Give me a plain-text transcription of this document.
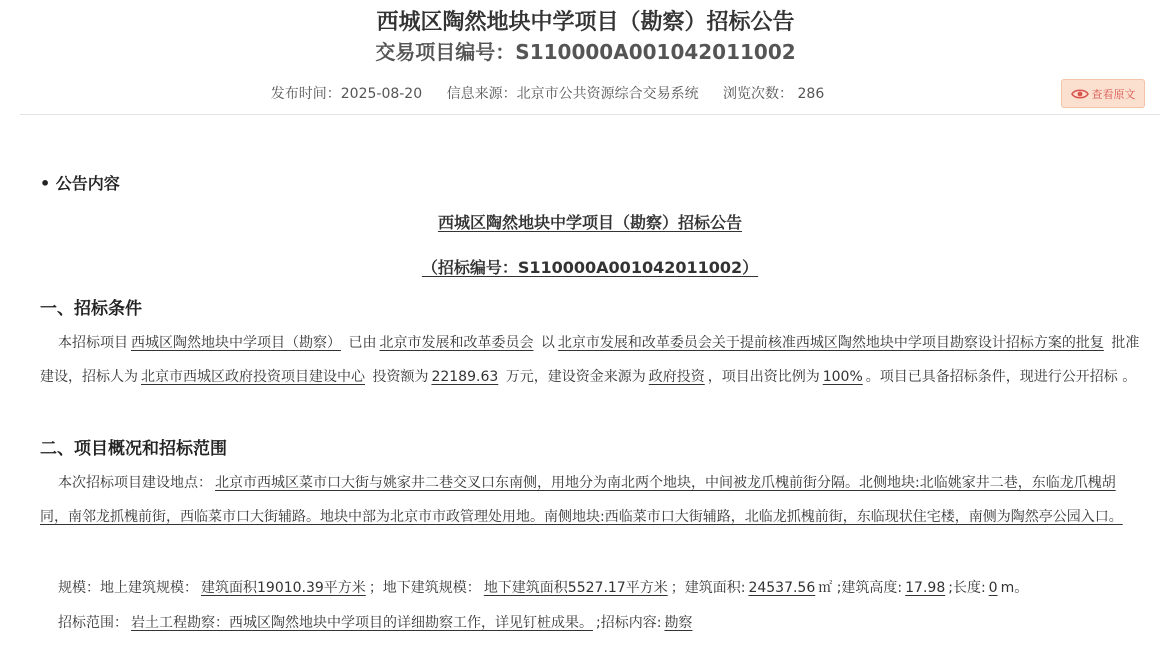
西城区陶然地块中学项目（勘察）招标公告
交易项目编号：S110000A001042011002
发布时间：2025-08-20 信息来源：北京市公共资源综合交易系统 浏览次数： 286	查看原文
• 公告内容
西城区陶然地块中学项目（勘察）招标公告
（招标编号：S110000A001042011002）
一、招标条件
本招标项目 西城区陶然地块中学项目（勘察） 已由 北京市发展和改革委员会 以 北京市发展和改革委员会关于提前核准西城区陶然地块中学项目勘察设计招标方案的批复 批准建设，招标人为 北京市西城区政府投资项目建设中心 投资额为 22189.63 万元，建设资金来源为 政府投资 ，项目出资比例为 100% 。项目已具备招标条件，现进行公开招标 。
二、项目概况和招标范围
本次招标项目建设地点： 北京市西城区菜市口大街与姚家井二巷交叉口东南侧，用地分为南北两个地块，中间被龙爪槐前街分隔。北侧地块:北临姚家井二巷，东临龙爪槐胡同，南邻龙抓槐前街，西临菜市口大街辅路。地块中部为北京市市政管理处用地。南侧地块:西临菜市口大街辅路，北临龙抓槐前街，东临现状住宅楼，南侧为陶然亭公园入口。
规模：地上建筑规模： 建筑面积19010.39平方米 ；地下建筑规模： 地下建筑面积5527.17平方米 ；建筑面积: 24537.56 ㎡ ;建筑高度: 17.98 ;长度: 0 m。
招标范围： 岩土工程勘察：西城区陶然地块中学项目的详细勘察工作，详见钉桩成果。 ;招标内容: 勘察
